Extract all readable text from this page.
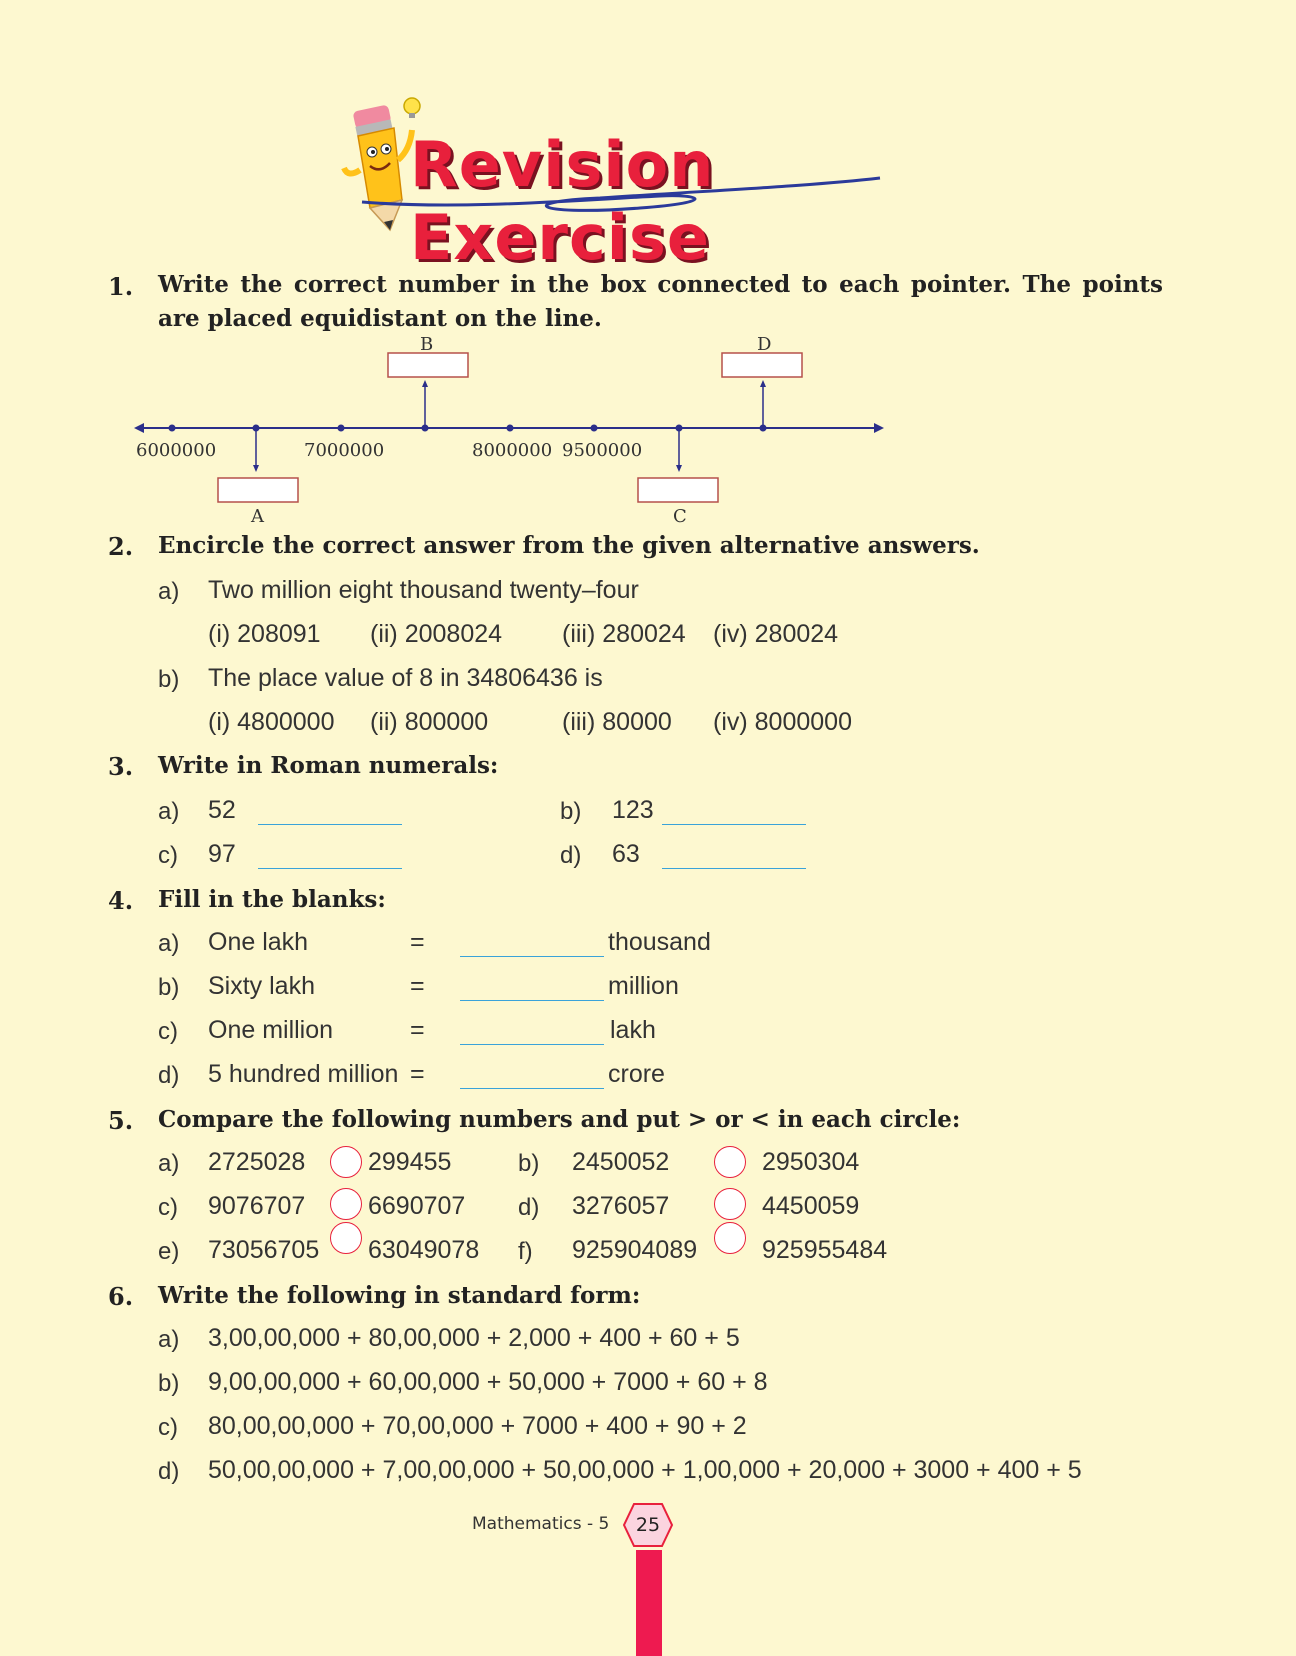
Revision Exercise
1. Write the correct number in the box connected to each pointer. The points are placed equidistant on the line.
6000000	7000000	8000000 9500000
A
B
C
D
2. Encircle the correct answer from the given alternative answers.
a) Two million eight thousand twenty–four
(i) 208091 (ii) 2008024 (iii) 280024 (iv) 280024
b) The place value of 8 in 34806436 is
(i) 4800000 (ii) 800000	(iii) 80000 (iv) 8000000
3. Write in Roman numerals:
a) 52	b) 123
c) 97	d) 63
4. Fill in the blanks:
a) One lakh	=	thousand
b) Sixty lakh	=	million
c) One million	=	lakh
d) 5 hundred million =	crore
5. Compare the following numbers and put > or < in each circle:
a) 2725028	299455	b) 2450052	2950304
c) 9076707	6690707 d) 3276057	4450059
e) 73056705 63049078 f) 925904089	925955484
6. Write the following in standard form:
a) 3,00,00,000 + 80,00,000 + 2,000 + 400 + 60 + 5
b) 9,00,00,000 + 60,00,000 + 50,000 + 7000 + 60 + 8
c) 80,00,00,000 + 70,00,000 + 7000 + 400 + 90 + 2
d) 50,00,00,000 + 7,00,00,000 + 50,00,000 + 1,00,000 + 20,000 + 3000 + 400 + 5
Mathematics - 5	25
